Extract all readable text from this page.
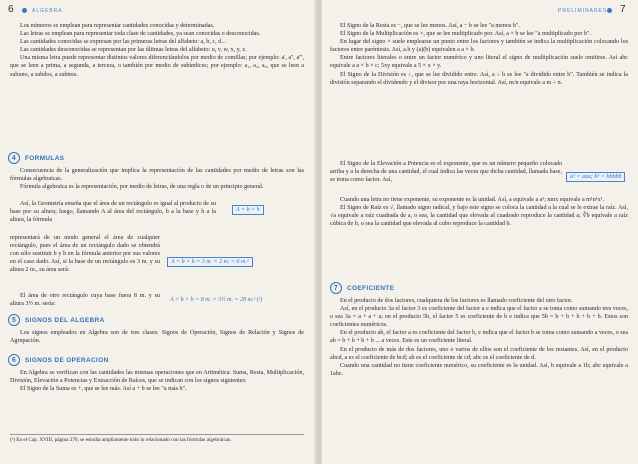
6	ALGEBRA

Los números se emplean para representar cantidades conocidas y determinadas.

Las letras se emplean para representar toda clase de cantidades, ya sean conocidas o desconocidas.

Las cantidades conocidas se expresan por las primeras letras del alfabeto: a, b, c, d...

Las cantidades desconocidas se representan por las últimas letras del alfabeto: u, v, w, x, y, z.

Una misma letra puede representar distintos valores diferenciándolos por medio de comillas; por ejemplo: a', a'', a''', que se leen a prima, a segunda, a tercera, o también por medio de subíndices; por ejemplo: a₁, a₂, a₃, que se leen a subuno, a subdos, a subtres.

4	FORMULAS

Consecuencia de la generalización que implica la representación de las cantidades por medio de letras son las fórmulas algebraicas.

Fórmula algebraica es la representación, por medio de letras, de una regla o de un principio general.

Así, la Geometría enseña que el área de un rectángulo es igual al producto de su base por su altura; luego, llamando A al área del rectángulo, b a la base y h a la altura, la fórmula

A = b × h

representará de un modo general el área de cualquier rectángulo, pues el área de un rectángulo dado se obtendrá con sólo sustituir b y h en la fórmula anterior por sus valores en el caso dado. Así, si la base de un rectángulo es 3 m. y su altura 2 m., su área será:

A = b × h = 3 m. × 2 m. = 6 m.²

El área de otro rectángulo cuya base fuera 8 m. y su altura 3½ m. sería:

A = b × h = 8 m. × 3½ m. = 28 m.² (¹)
5	SIGNOS DEL ALGEBRA

Los signos empleados en Algebra son de tres clases: Signos de Operación, Signos de Relación y Signos de Agrupación.

6	SIGNOS DE OPERACION

En Algebra se verifican con las cantidades las mismas operaciones que en Aritmética: Suma, Resta, Multiplicación, División, Elevación a Potencias y Extracción de Raíces, que se indican con los signos siguientes:

El Signo de la Suma es +, que se lee más. Así a + b se lee "a más b".

(¹) En el Cap. XVIII, página 270, se estudia ampliamente todo lo relacionado con las fórmulas algebraicas.
PRELIMINARES 7

El Signo de la Resta es −, que se lee menos. Así, a − b se lee "a menos b".

El Signo de la Multiplicación es ×, que se lee multiplicado por. Así, a × b se lee "a multiplicado por b".

En lugar del signo × suele emplearse un punto entre los factores y también se indica la multiplicación colocando los factores entre paréntesis. Así, a.b y (a)(b) equivalen a a × b.

Entre factores literales o entre un factor numérico y uno literal el signo de multiplicación suele omitirse. Así abc equivale a a × b × c; 5xy equivale a 5 × x × y.

El Signo de la División es ÷, que se lee dividido entre. Así, a ÷ b se lee "a dividido entre b". También se indica la división separando el dividendo y el divisor por una raya horizontal. Así, m/n equivale a m ÷ n.

El Signo de la Elevación a Potencia es el exponente, que es un número pequeño colocado arriba y a la derecha de una cantidad, el cual indica las veces que dicha cantidad, llamada base, se toma como factor. Así,

a³ = aaa; b⁵ = bbbbb

Cuando una letra no tiene exponente, su exponente es la unidad. Así, a equivale a a¹; mnx equivale a m¹n¹x¹.

El Signo de Raíz es √, llamado signo radical, y bajo este signo se coloca la cantidad a la cual se le extrae la raíz. Así, √a equivale a raíz cuadrada de a, o sea, la cantidad que elevada al cuadrado reproduce la cantidad a; ∛b equivale a raíz cúbica de b, o sea la cantidad que elevada al cubo reproduce la cantidad b.

7	COEFICIENTE

En el producto de dos factores, cualquiera de los factores es llamado coeficiente del otro factor.

Así, en el producto 3a el factor 3 es coeficiente del factor a e indica que el factor a se toma como sumando tres veces, o sea 3a = a + a + a; en el producto 5b, el factor 5 es coeficiente de b e indica que 5b = b + b + b + b + b. Estos son coeficientes numéricos.

En el producto ab, el factor a es coeficiente del factor b, e indica que el factor b se toma como sumando a veces, o sea ab = b + b + b + b ... a veces. Este es un coeficiente literal.

En el producto de más de dos factores, uno o varios de ellos son el coeficiente de los restantes. Así, en el producto abcd, a es el coeficiente de bcd; ab es el coeficiente de cd; abc es el coeficiente de d.

Cuando una cantidad no tiene coeficiente numérico, su coeficiente es la unidad. Así, b equivale a 1b; abc equivale a 1abc.
